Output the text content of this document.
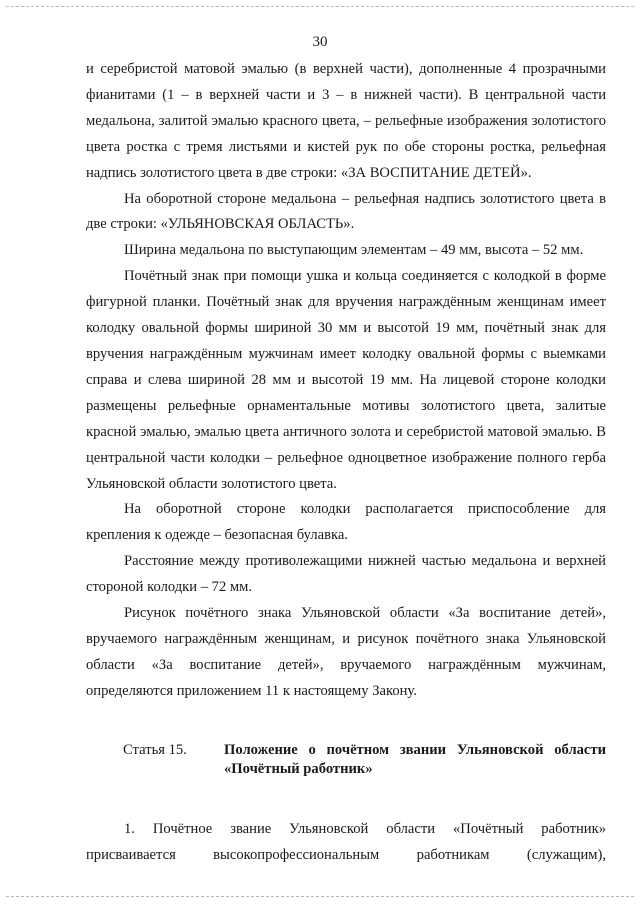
30

и серебристой матовой эмалью (в верхней части), дополненные 4 прозрачными фианитами (1 – в верхней части и 3 – в нижней части). В центральной части медальона, залитой эмалью красного цвета, – рельефные изображения золотистого цвета ростка с тремя листьями и кистей рук по обе стороны ростка, рельефная надпись золотистого цвета в две строки: «ЗА ВОСПИТАНИЕ ДЕТЕЙ».

На оборотной стороне медальона – рельефная надпись золотистого цвета в две строки: «УЛЬЯНОВСКАЯ ОБЛАСТЬ».

Ширина медальона по выступающим элементам – 49 мм, высота – 52 мм.

Почётный знак при помощи ушка и кольца соединяется с колодкой в форме фигурной планки. Почётный знак для вручения награждённым женщинам имеет колодку овальной формы шириной 30 мм и высотой 19 мм, почётный знак для вручения награждённым мужчинам имеет колодку овальной формы с выемками справа и слева шириной 28 мм и высотой 19 мм. На лицевой стороне колодки размещены рельефные орнаментальные мотивы золотистого цвета, залитые красной эмалью, эмалью цвета античного золота и серебристой матовой эмалью. В центральной части колодки – рельефное одноцветное изображение полного герба Ульяновской области золотистого цвета.

На оборотной стороне колодки располагается приспособление для крепления к одежде – безопасная булавка.

Расстояние между противолежащими нижней частью медальона и верхней стороной колодки – 72 мм.

Рисунок почётного знака Ульяновской области «За воспитание детей», вручаемого награждённым женщинам, и рисунок почётного знака Ульяновской области «За воспитание детей», вручаемого награждённым мужчинам, определяются приложением 11 к настоящему Закону.

Статья 15.	Положение о почётном звании Ульяновской области
«Почётный работник»

1. Почётное звание Ульяновской области «Почётный работник» присваивается высокопрофессиональным работникам (служащим),
